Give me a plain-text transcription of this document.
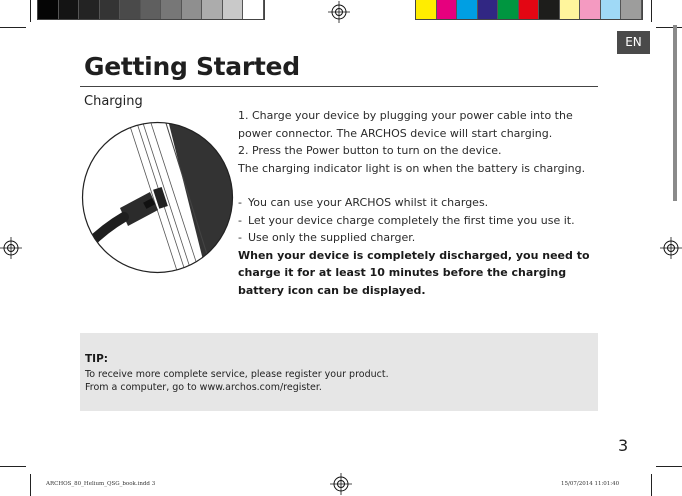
EN
Getting Started
Charging

1. Charge your device by plugging your power cable into the power connector. The ARCHOS device will start charging.

2. Press the Power button to turn on the device.

The charging indicator light is on when the battery is charging.

- You can use your ARCHOS whilst it charges.
- Let your device charge completely the first time you use it.
- Use only the supplied charger.

When your device is completely discharged, you need to charge it for at least 10 minutes before the charging battery icon can be displayed.

TIP:
To receive more complete service, please register your product.
From a computer, go to www.archos.com/register.
3
ARCHOS_80_Helium_QSG_book.indd 3	15/07/2014 11:01:40
